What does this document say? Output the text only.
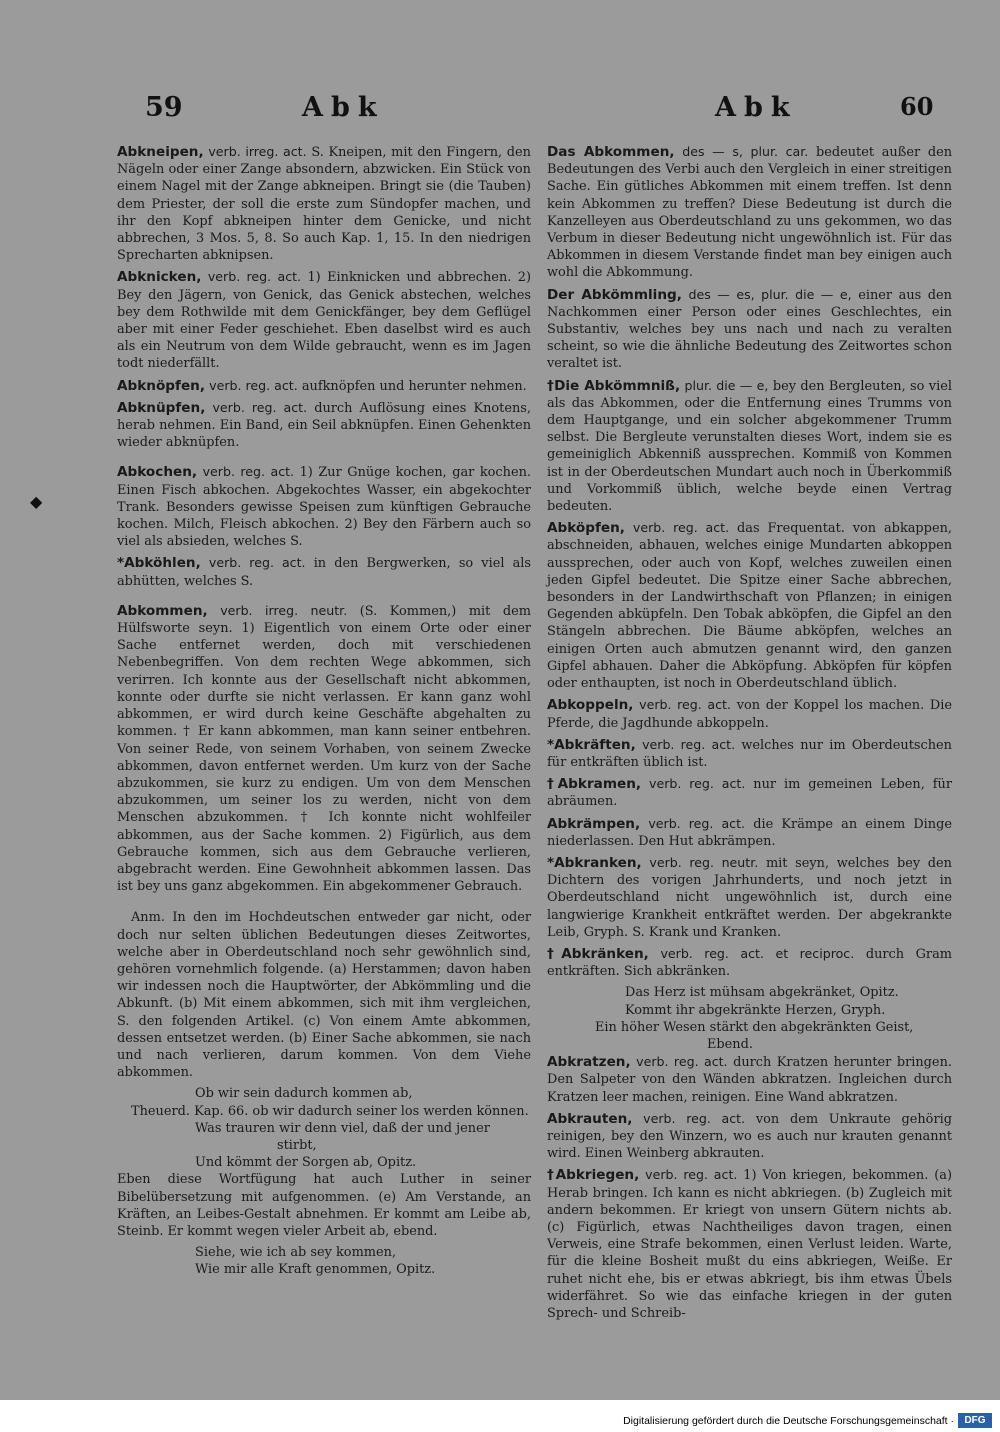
59	Abk	Abk	60
◆

Abkneipen, verb. irreg. act. S. Kneipen, mit den Fingern, den Nägeln oder einer Zange absondern, abzwicken. Ein Stück von einem Nagel mit der Zange abkneipen. Bringt sie (die Tauben) dem Priester, der soll die erste zum Sündopfer machen, und ihr den Kopf abkneipen hinter dem Genicke, und nicht abbrechen, 3 Mos. 5, 8. So auch Kap. 1, 15. In den niedrigen Sprecharten abknipsen.

Abknicken, verb. reg. act. 1) Einknicken und abbrechen. 2) Bey den Jägern, von Genick, das Genick abstechen, welches bey dem Rothwilde mit dem Genickfänger, bey dem Geflügel aber mit einer Feder geschiehet. Eben daselbst wird es auch als ein Neutrum von dem Wilde gebraucht, wenn es im Jagen todt niederfällt.

Abknöpfen, verb. reg. act. aufknöpfen und herunter nehmen.

Abknüpfen, verb. reg. act. durch Auflösung eines Knotens, herab nehmen. Ein Band, ein Seil abknüpfen. Einen Gehenkten wieder abknüpfen.

Abkochen, verb. reg. act. 1) Zur Gnüge kochen, gar kochen. Einen Fisch abkochen. Abgekochtes Wasser, ein abgekochter Trank. Besonders gewisse Speisen zum künftigen Gebrauche kochen. Milch, Fleisch abkochen. 2) Bey den Färbern auch so viel als absieden, welches S.

*Abköhlen, verb. reg. act. in den Bergwerken, so viel als abhütten, welches S.

Abkommen, verb. irreg. neutr. (S. Kommen,) mit dem Hülfsworte seyn. 1) Eigentlich von einem Orte oder einer Sache entfernet werden, doch mit verschiedenen Nebenbegriffen. Von dem rechten Wege abkommen, sich verirren. Ich konnte aus der Gesellschaft nicht abkommen, konnte oder durfte sie nicht verlassen. Er kann ganz wohl abkommen, er wird durch keine Geschäfte abgehalten zu kommen. † Er kann abkommen, man kann seiner entbehren. Von seiner Rede, von seinem Vorhaben, von seinem Zwecke abkommen, davon entfernet werden. Um kurz von der Sache abzukommen, sie kurz zu endigen. Um von dem Menschen abzukommen, um seiner los zu werden, nicht von dem Menschen abzukommen. † Ich konnte nicht wohlfeiler abkommen, aus der Sache kommen. 2) Figürlich, aus dem Gebrauche kommen, sich aus dem Gebrauche verlieren, abgebracht werden. Eine Gewohnheit abkommen lassen. Das ist bey uns ganz abgekommen. Ein abgekommener Gebrauch.

Anm. In den im Hochdeutschen entweder gar nicht, oder doch nur selten üblichen Bedeutungen dieses Zeitwortes, welche aber in Oberdeutschland noch sehr gewöhnlich sind, gehören vornehmlich folgende. (a) Herstammen; davon haben wir indessen noch die Hauptwörter, der Abkömmling und die Abkunft. (b) Mit einem abkommen, sich mit ihm vergleichen, S. den folgenden Artikel. (c) Von einem Amte abkommen, dessen entsetzet werden. (b) Einer Sache abkommen, sie nach und nach verlieren, darum kommen. Von dem Viehe abkommen.

Ob wir sein dadurch kommen ab,

Theuerd. Kap. 66. ob wir dadurch seiner los werden können.

Was trauren wir denn viel, daß der und jener

stirbt,

Und kömmt der Sorgen ab, Opitz.

Eben diese Wortfügung hat auch Luther in seiner Bibelübersetzung mit aufgenommen. (e) Am Verstande, an Kräften, an Leibes-Gestalt abnehmen. Er kommt am Leibe ab, Steinb. Er kommt wegen vieler Arbeit ab, ebend.

Siehe, wie ich ab sey kommen,

Wie mir alle Kraft genommen, Opitz.

Das Abkommen, des — s, plur. car. bedeutet außer den Bedeutungen des Verbi auch den Vergleich in einer streitigen Sache. Ein gütliches Abkommen mit einem treffen. Ist denn kein Abkommen zu treffen? Diese Bedeutung ist durch die Kanzelleyen aus Oberdeutschland zu uns gekommen, wo das Verbum in dieser Bedeutung nicht ungewöhnlich ist. Für das Abkommen in diesem Verstande findet man bey einigen auch wohl die Abkommung.

Der Abkömmling, des — es, plur. die — e, einer aus den Nachkommen einer Person oder eines Geschlechtes, ein Substantiv, welches bey uns nach und nach zu veralten scheint, so wie die ähnliche Bedeutung des Zeitwortes schon veraltet ist.

†Die Abkömmniß, plur. die — e, bey den Bergleuten, so viel als das Abkommen, oder die Entfernung eines Trumms von dem Hauptgange, und ein solcher abgekommener Trumm selbst. Die Bergleute verunstalten dieses Wort, indem sie es gemeiniglich Abkenniß aussprechen. Kommiß von Kommen ist in der Oberdeutschen Mundart auch noch in Überkommiß und Vorkommiß üblich, welche beyde einen Vertrag bedeuten.

Abköpfen, verb. reg. act. das Frequentat. von abkappen, abschneiden, abhauen, welches einige Mundarten abkoppen aussprechen, oder auch von Kopf, welches zuweilen einen jeden Gipfel bedeutet. Die Spitze einer Sache abbrechen, besonders in der Landwirthschaft von Pflanzen; in einigen Gegenden abküpfeln. Den Tobak abköpfen, die Gipfel an den Stängeln abbrechen. Die Bäume abköpfen, welches an einigen Orten auch abmutzen genannt wird, den ganzen Gipfel abhauen. Daher die Abköpfung. Abköpfen für köpfen oder enthaupten, ist noch in Oberdeutschland üblich.

Abkoppeln, verb. reg. act. von der Koppel los machen. Die Pferde, die Jagdhunde abkoppeln.

*Abkräften, verb. reg. act. welches nur im Oberdeutschen für entkräften üblich ist.

†Abkramen, verb. reg. act. nur im gemeinen Leben, für abräumen.

Abkrämpen, verb. reg. act. die Krämpe an einem Dinge niederlassen. Den Hut abkrämpen.

*Abkranken, verb. reg. neutr. mit seyn, welches bey den Dichtern des vorigen Jahrhunderts, und noch jetzt in Oberdeutschland nicht ungewöhnlich ist, durch eine langwierige Krankheit entkräftet werden. Der abgekrankte Leib, Gryph. S. Krank und Kranken.

†Abkränken, verb. reg. act. et reciproc. durch Gram entkräften. Sich abkränken.

Das Herz ist mühsam abgekränket, Opitz.

Kommt ihr abgekränkte Herzen, Gryph.

Ein höher Wesen stärkt den abgekränkten Geist,

Ebend.

Abkratzen, verb. reg. act. durch Kratzen herunter bringen. Den Salpeter von den Wänden abkratzen. Ingleichen durch Kratzen leer machen, reinigen. Eine Wand abkratzen.

Abkrauten, verb. reg. act. von dem Unkraute gehörig reinigen, bey den Winzern, wo es auch nur krauten genannt wird. Einen Weinberg abkrauten.

†Abkriegen, verb. reg. act. 1) Von kriegen, bekommen. (a) Herab bringen. Ich kann es nicht abkriegen. (b) Zugleich mit andern bekommen. Er kriegt von unsern Gütern nichts ab. (c) Figürlich, etwas Nachtheiliges davon tragen, einen Verweis, eine Strafe bekommen, einen Verlust leiden. Warte, für die kleine Bosheit mußt du eins abkriegen, Weiße. Er ruhet nicht ehe, bis er etwas abkriegt, bis ihm etwas Übels widerfähret. So wie das einfache kriegen in der guten Sprech- und Schreib-

Digitalisierung gefördert durch die Deutsche Forschungsgemeinschaft ·	DFG
